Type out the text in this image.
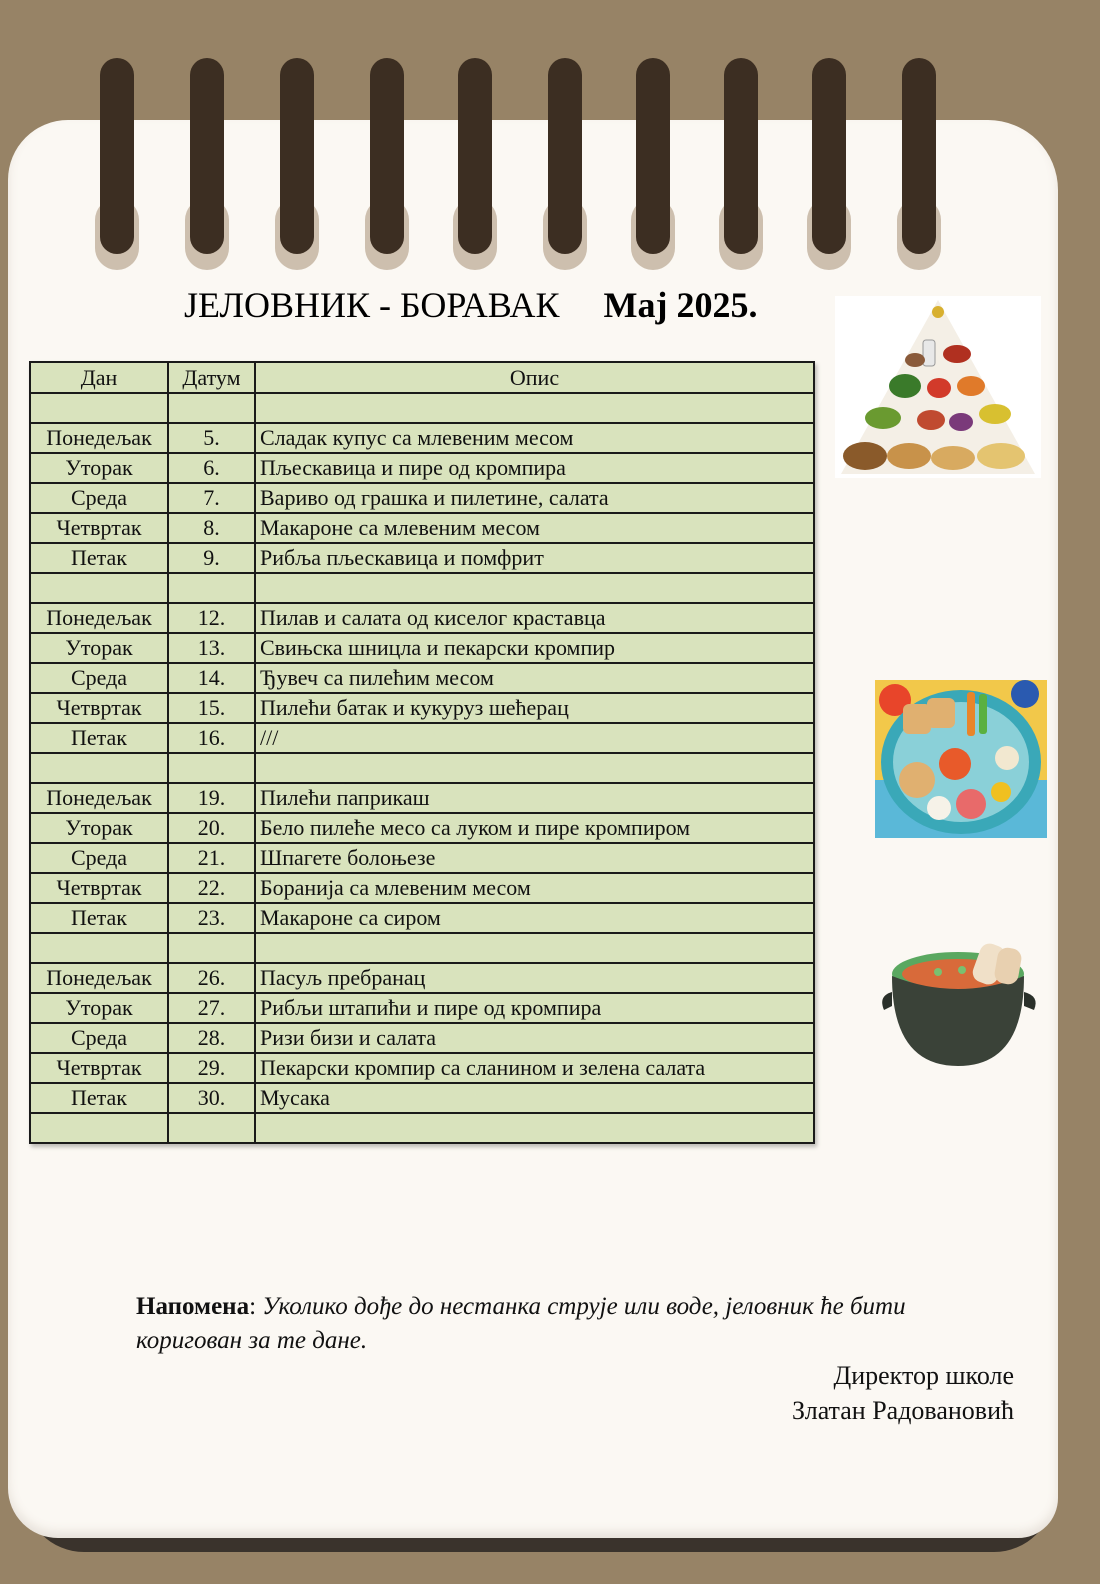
ЈЕЛОВНИК - БОРАВАК Мај 2025.
Дан	Датум	Опис

Понедељак	5.	Сладак купус са млевеним месом
Уторак	6.	Пљескавица и пире од кромпира
Среда	7.	Вариво од грашка и пилетине, салата
Четвртак	8.	Макароне са млевеним месом
Петак	9.	Рибља пљескавица и помфрит

Понедељак	12.	Пилав и салата од киселог краставца
Уторак	13.	Свињска шницла и пекарски кромпир
Среда	14.	Ђувеч са пилећим месом
Четвртак	15.	Пилећи батак и кукуруз шећерац
Петак	16.	///

Понедељак	19.	Пилећи паприкаш
Уторак	20.	Бело пилеће месо са луком и пире кромпиром
Среда	21.	Шпагете болоњезе
Четвртак	22.	Боранија са млевеним месом
Петак	23.	Макароне са сиром

Понедељак	26.	Пасуљ пребранац
Уторак	27.	Рибљи штапићи и пире од кромпира
Среда	28.	Ризи бизи и салата
Четвртак	29.	Пекарски кромпир са сланином и зелена салата
Петак	30.	Мусака

Напомена: Уколико дође до нестанка струје или воде, јеловник ће бити коригован за те дане.
Директор школе
Златан Радовановић
